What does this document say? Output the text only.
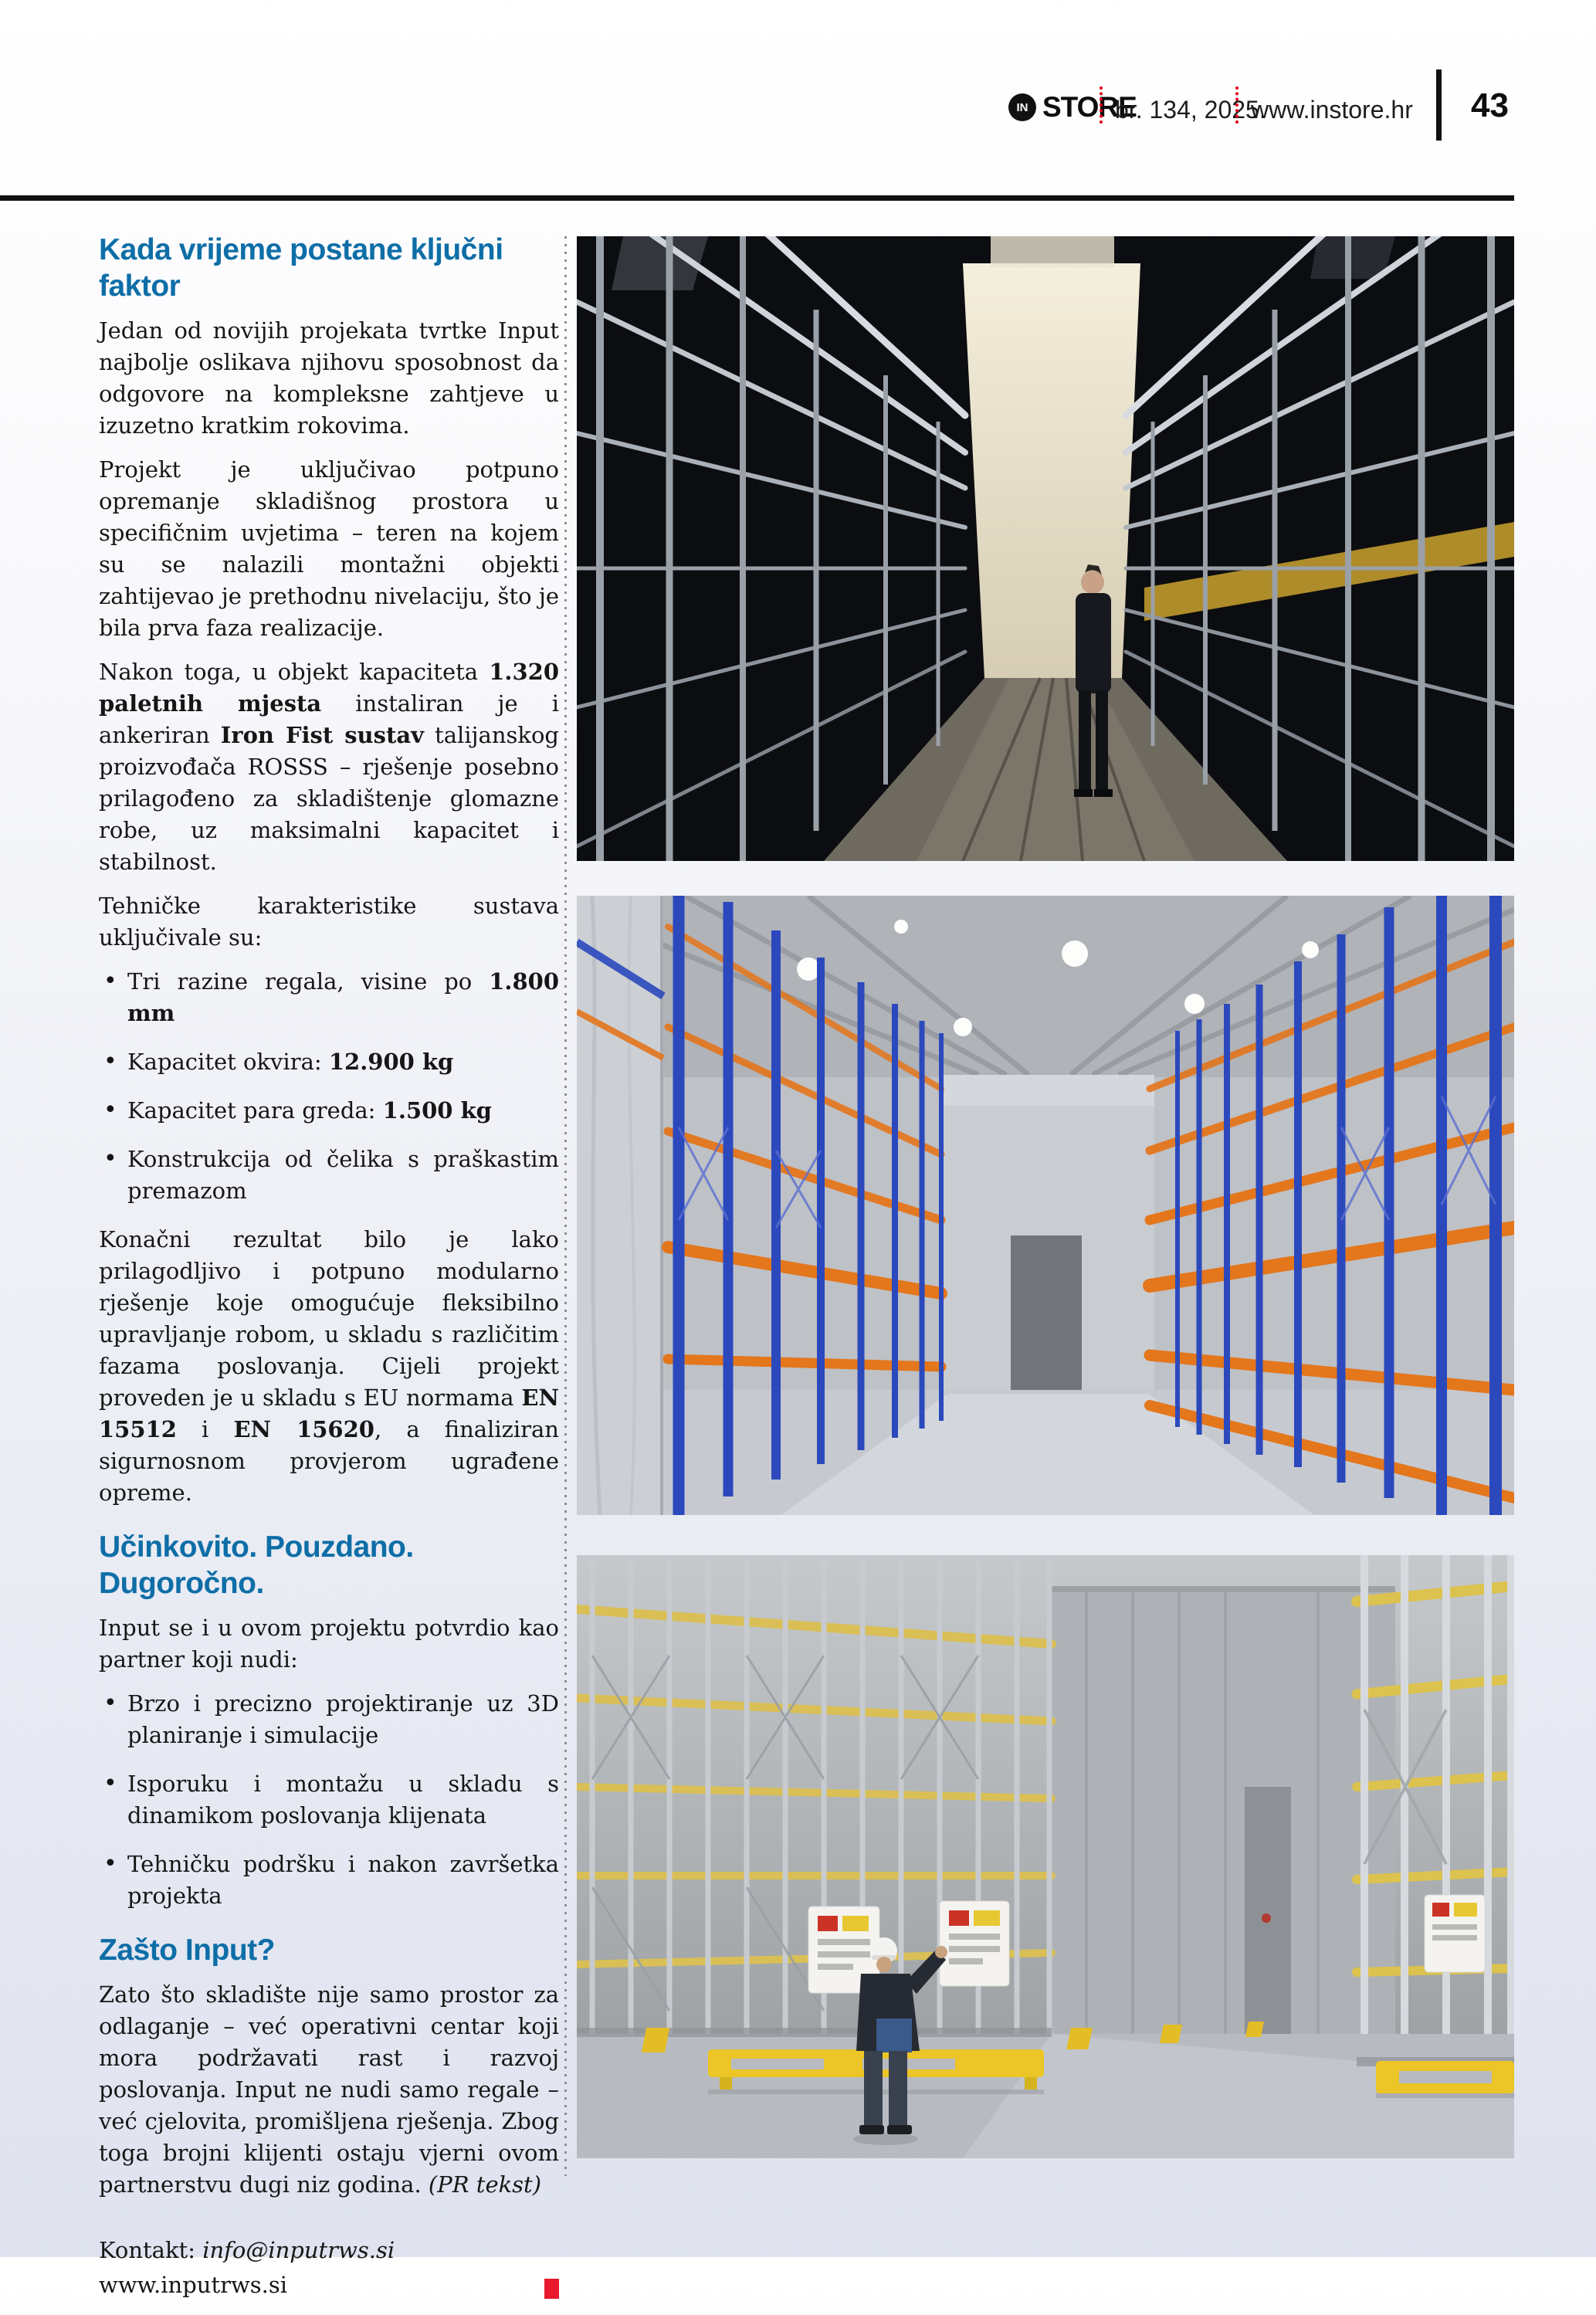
IN STORE
br. 134, 2025.
www.instore.hr 43
Kada vrijeme postane ključni
faktor

Jedan od novijih projekata tvrtke Input najbolje oslikava njihovu sposobnost da odgovore na kompleksne zahtjeve u izuzetno kratkim rokovima.

Projekt je uključivao potpuno opremanje skladišnog prostora u specifičnim uvjetima – teren na kojem su se nalazili montažni objekti zahtijevao je prethodnu nivelaciju, što je bila prva faza realizacije.

Nakon toga, u objekt kapaciteta 1.320 paletnih mjesta instaliran je i ankeriran Iron Fist sustav talijanskog proizvođača ROSSS – rješenje posebno prilagođeno za skladištenje glomazne robe, uz maksimalni kapacitet i stabilnost.

Tehničke karakteristike sustava uključivale su:

• Tri razine regala, visine po 1.800 mm
• Kapacitet okvira: 12.900 kg
• Kapacitet para greda: 1.500 kg
• Konstrukcija od čelika s praškastim premazom

Konačni rezultat bilo je lako prilagodljivo i potpuno modularno rješenje koje omogućuje fleksibilno upravljanje robom, u skladu s različitim fazama poslovanja. Cijeli projekt proveden je u skladu s EU normama EN 15512 i EN 15620, a finaliziran sigurnosnom provjerom ugrađene opreme.

Učinkovito. Pouzdano.
Dugoročno.

Input se i u ovom projektu potvrdio kao partner koji nudi:

• Brzo i precizno projektiranje uz 3D planiranje i simulacije
• Isporuku i montažu u skladu s dinamikom poslovanja klijenata
• Tehničku podršku i nakon završetka projekta
Zašto Input?

Zato što skladište nije samo prostor za odlaganje – već operativni centar koji mora podržavati rast i razvoj poslovanja. Input ne nudi samo regale – već cjelovita, promišljena rješenja. Zbog toga brojni klijenti ostaju vjerni ovom partnerstvu dugi niz godina. (PR tekst)

Kontakt: info@inputrws.si
www.inputrws.si
